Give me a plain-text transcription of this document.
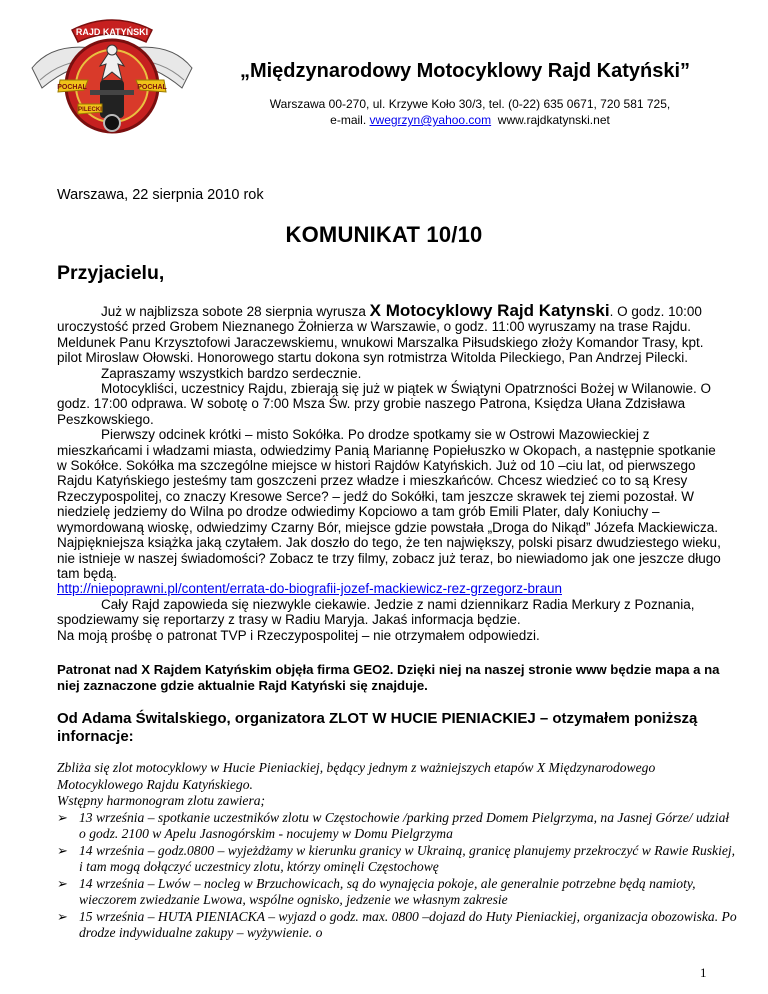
RAJD KATYŃSKI
POCHAL	POCHAL
PILECKI
„Międzynarodowy Motocyklowy Rajd Katyński”
Warszawa 00-270, ul. Krzywe Koło 30/3, tel. (0-22) 635 0671, 720 581 725,
e-mail. vwegrzyn@yahoo.com www.rajdkatynski.net
Warszawa, 22 sierpnia 2010 rok
KOMUNIKAT 10/10
Przyjacielu,

Już w najblizsza sobote 28 sierpnia wyrusza X Motocyklowy Rajd Katynski. O godz. 10:00 uroczystość przed Grobem Nieznanego Żołnierza w Warszawie, o godz. 11:00 wyruszamy na trase Rajdu. Meldunek Panu Krzysztofowi Jaraczewskiemu, wnukowi Marszalka Piłsudskiego złoży Komandor Trasy, kpt. pilot Miroslaw Ołowski. Honorowego startu dokona syn rotmistrza Witolda Pileckiego, Pan Andrzej Pilecki.

Zapraszamy wszystkich bardzo serdecznie.

Motocykliści, uczestnicy Rajdu, zbierają się już w piątek w Świątyni Opatrzności Bożej w Wilanowie. O godz. 17:00 odprawa. W sobotę o 7:00 Msza Św. przy grobie naszego Patrona, Księdza Ułana Zdzisława Peszkowskiego.

Pierwszy odcinek krótki – misto Sokółka. Po drodze spotkamy sie w Ostrowi Mazowieckiej z mieszkańcami i władzami miasta, odwiedzimy Panią Mariannę Popiełuszko w Okopach, a następnie spotkanie w Sokółce. Sokółka ma szczególne miejsce w histori Rajdów Katyńskich. Już od 10 –ciu lat, od pierwszego Rajdu Katyńskiego jesteśmy tam goszczeni przez władze i mieszkańców. Chcesz wiedzieć co to są Kresy Rzeczypospolitej, co znaczy Kresowe Serce? – jedź do Sokółki, tam jeszcze skrawek tej ziemi pozostał. W niedzielę jedziemy do Wilna po drodze odwiedimy Kopciowo a tam grób Emili Plater, daly Koniuchy – wymordowaną wioskę, odwiedzimy Czarny Bór, miejsce gdzie powstała „Droga do Nikąd” Józefa Mackiewicza. Najpiękniejsza książka jaką czytałem. Jak doszło do tego, że ten największy, polski pisarz dwudziestego wieku, nie istnieje w naszej świadomości? Zobacz te trzy filmy, zobacz już teraz, bo niewiadomo jak one jeszcze długo tam będą.

http://niepoprawni.pl/content/errata-do-biografii-jozef-mackiewicz-rez-grzegorz-braun

Cały Rajd zapowieda się niezwykle ciekawie. Jedzie z nami dziennikarz Radia Merkury z Poznania, spodziewamy się reportarzy z trasy w Radiu Maryja. Jakaś informacja będzie.

Na moją prośbę o patronat TVP i Rzeczypospolitej – nie otrzymałem odpowiedzi.

Patronat nad X Rajdem Katyńskim objęła firma GEO2. Dzięki niej na naszej stronie www będzie mapa a na niej zaznaczone gdzie aktualnie Rajd Katyński się znajduje.
Od Adama Świtalskiego, organizatora ZLOT W HUCIE PIENIACKIEJ – otzymałem poniższą infornacje:

Zbliża się zlot motocyklowy w Hucie Pieniackiej, będący jednym z ważniejszych etapów X Międzynarodowego Motocyklowego Rajdu Katyńskiego.

Wstępny harmonogram zlotu zawiera;

➢ 13 września – spotkanie uczestników zlotu w Częstochowie /parking przed Domem Pielgrzyma, na Jasnej Górze/ udział o godz. 2100 w Apelu Jasnogórskim - nocujemy w Domu Pielgrzyma
➢ 14 września – godz.0800 – wyjeżdżamy w kierunku granicy w Ukrainą, granicę planujemy przekroczyć w Rawie Ruskiej, i tam mogą dołączyć uczestnicy zlotu, którzy ominęli Częstochowę
➢ 14 września – Lwów – nocleg w Brzuchowicach, są do wynajęcia pokoje, ale generalnie potrzebne będą namioty, wieczorem zwiedzanie Lwowa, wspólne ognisko, jedzenie we własnym zakresie
➢ 15 września – HUTA PIENIACKA – wyjazd o godz. max. 0800 –dojazd do Huty Pieniackiej, organizacja obozowiska. Po drodze indywidualne zakupy – wyżywienie. o
1
